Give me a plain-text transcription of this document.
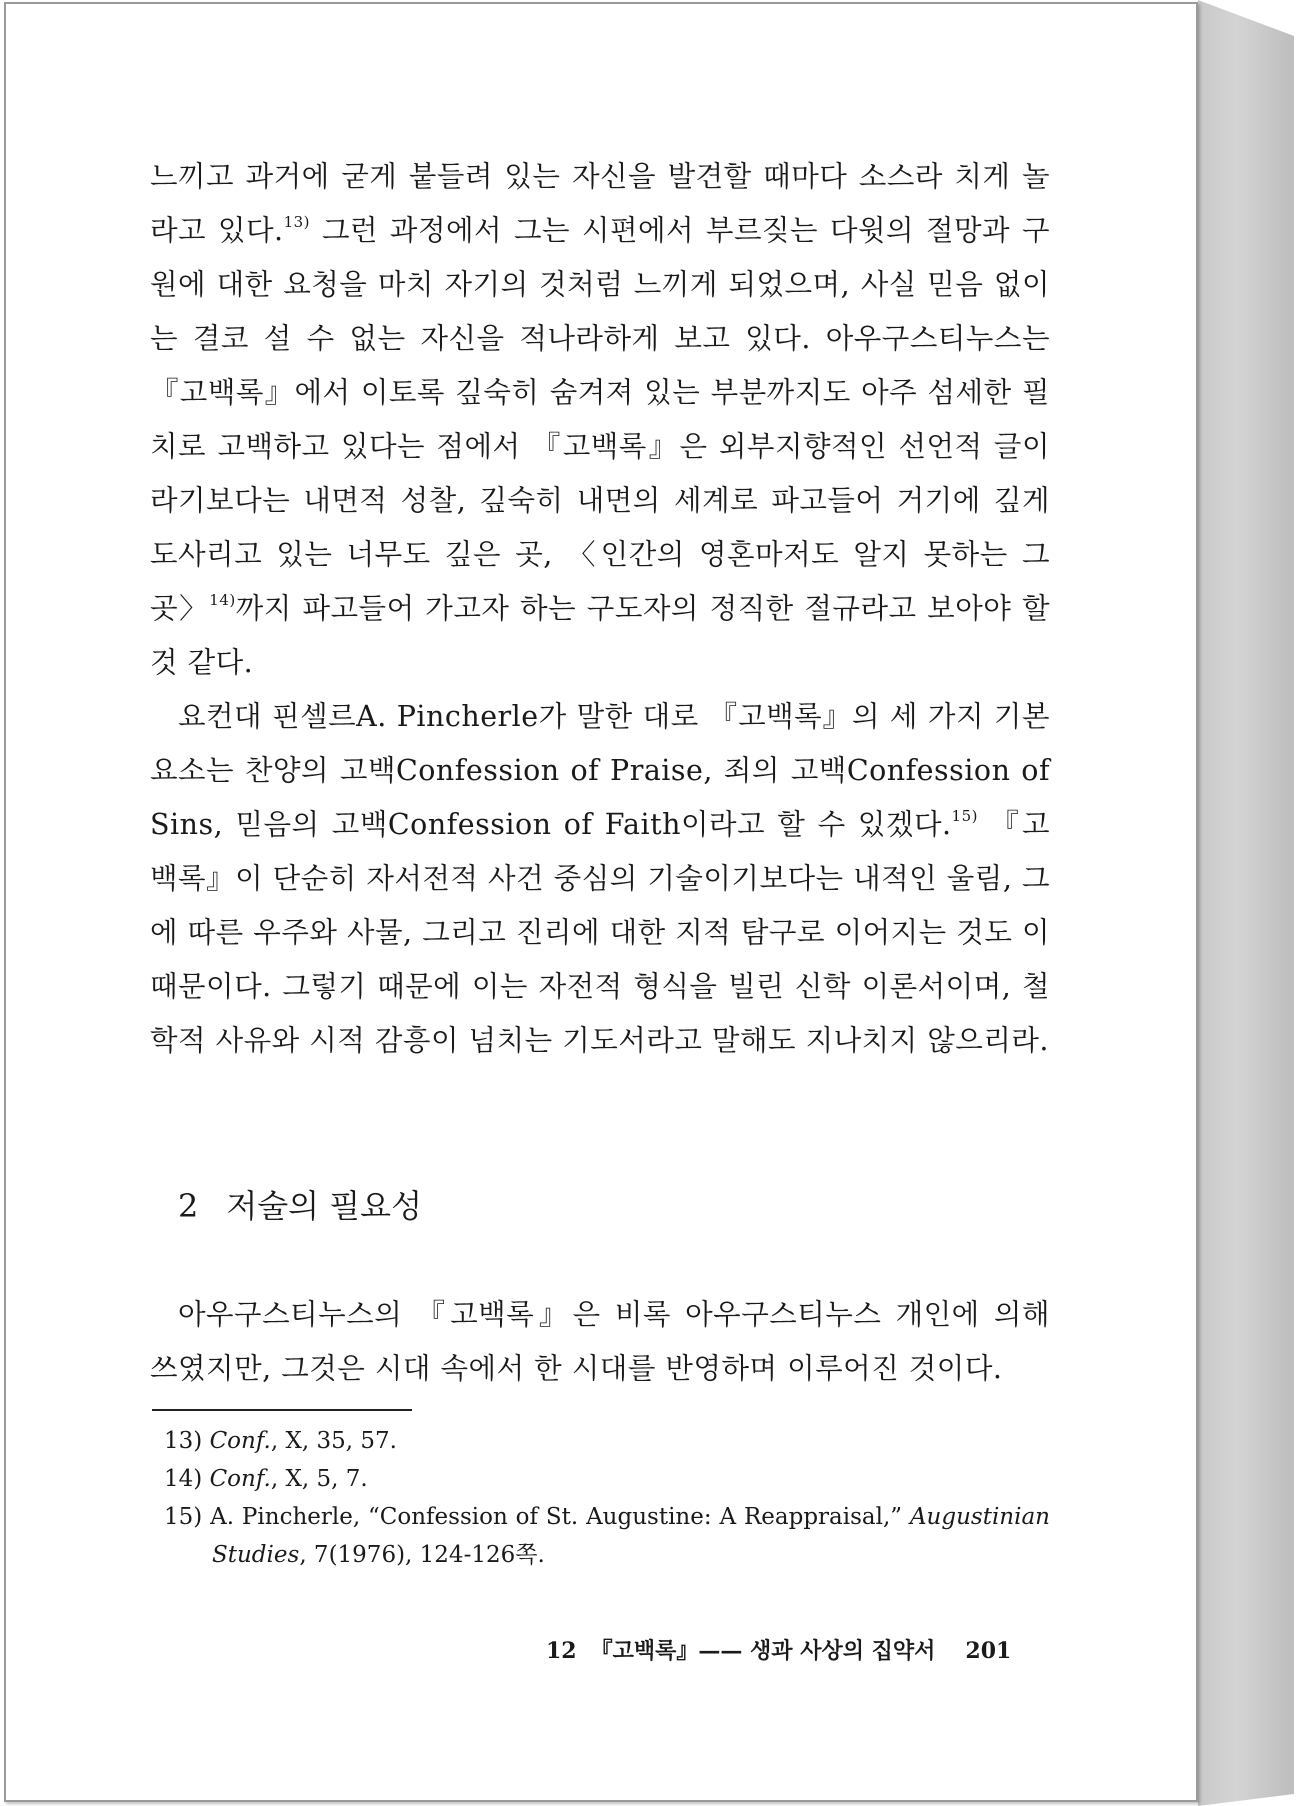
느끼고 과거에 굳게 붙들려 있는 자신을 발견할 때마다 소스라 치게 놀라고 있다.$^{13)}$ 그런 과정에서 그는 시편에서 부르짖는 다윗의 절망과 구원에 대한 요청을 마치 자기의 것처럼 느끼게 되었으며, 사실 믿음 없이는 결코 설 수 없는 자신을 적나라하게 보고 있다. 아우구스티누스는 『고백록』에서 이토록 깊숙히 숨겨져 있는 부분까지도 아주 섬세한 필치로 고백하고 있다는 점에서 『고백록』은 외부지향적인 선언적 글이라기보다는 내면적 성찰, 깊숙히 내면의 세계로 파고들어 거기에 깊게 도사리고 있는 너무도 깊은 곳, 〈인간의 영혼마저도 알지 못하는 그 곳〉$^{14)}$까지 파고들어 가고자 하는 구도자의 정직한 절규라고 보아야 할 것 같다.

요컨대 핀셀르A. Pincherle가 말한 대로 『고백록』의 세 가지 기본요소는 찬양의 고백Confession of Praise, 죄의 고백Confession of Sins, 믿음의 고백Confession of Faith이라고 할 수 있겠다.$^{15)}$ 『고백록』이 단순히 자서전적 사건 중심의 기술이기보다는 내적인 울림, 그에 따른 우주와 사물, 그리고 진리에 대한 지적 탐구로 이어지는 것도 이 때문이다. 그렇기 때문에 이는 자전적 형식을 빌린 신학 이론서이며, 철학적 사유와 시적 감흥이 넘치는 기도서라고 말해도 지나치지 않으리라.

2 저술의 필요성

아우구스티누스의 『고백록』은 비록 아우구스티누스 개인에 의해 쓰였지만, 그것은 시대 속에서 한 시대를 반영하며 이루어진 것이다.

13) Conf., Ⅹ, 35, 57.
14) Conf., Ⅹ, 5, 7.
15) A. Pincherle, “Confession of St. Augustine: A Reappraisal,” Augustinian Studies, 7(1976), 124-126쪽.
12 『고백록』—— 생과 사상의 집약서 201
